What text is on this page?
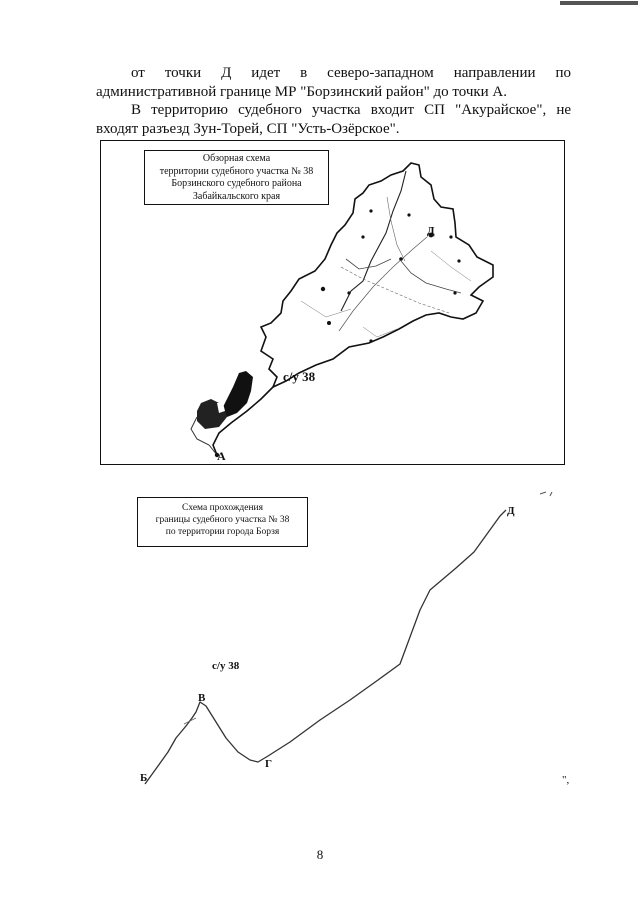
от точки Д идет в северо-западном направлении по административной границе МР "Борзинский район" до точки А.

В территорию судебного участка входит СП "Акурайское", не входят разъезд Зун-Торей, СП "Усть-Озёрское".

Обзорная схема
территории судебного участка № 38
Борзинского судебного района
Забайкальского края
с/у 38
А
Д
Схема прохождения
границы судебного участка № 38
по территории города Борзя
с/у 38
В
Г
Б
Д
",
8
